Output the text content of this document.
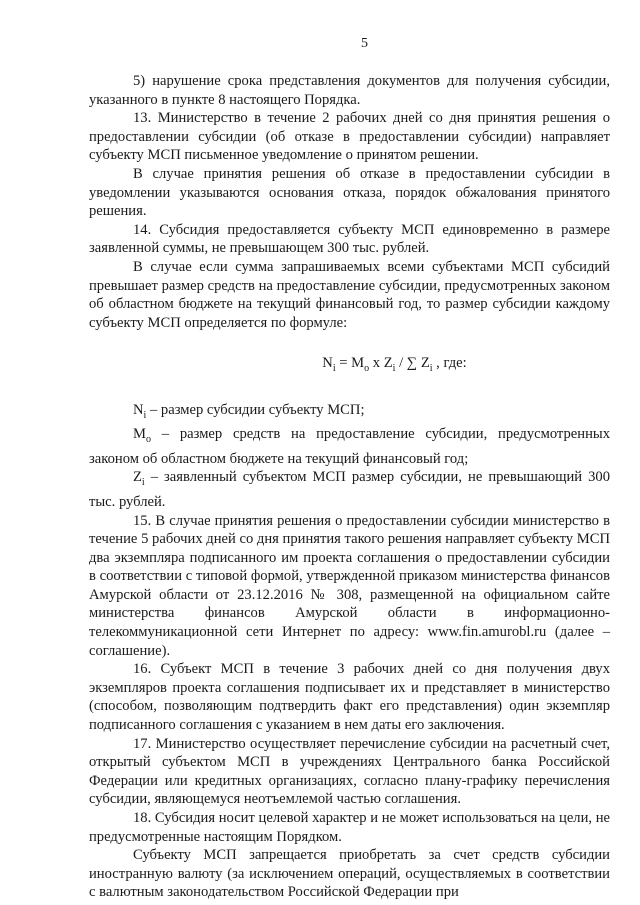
5

5) нарушение срока представления документов для получения субсидии, указанного в пункте 8 настоящего Порядка.

13. Министерство в течение 2 рабочих дней со дня принятия решения о предоставлении субсидии (об отказе в предоставлении субсидии) направляет субъекту МСП письменное уведомление о принятом решении.

В случае принятия решения об отказе в предоставлении субсидии в уведомлении указываются основания отказа, порядок обжалования принятого решения.

14. Субсидия предоставляется субъекту МСП единовременно в размере заявленной суммы, не превышающем 300 тыс. рублей.

В случае если сумма запрашиваемых всеми субъектами МСП субсидий превышает размер средств на предоставление субсидии, предусмотренных законом об областном бюджете на текущий финансовый год, то размер субсидии каждому субъекту МСП определяется по формуле:

$N_i = M_o$ x $Z_i$ / ∑ $Z_i$ , где:

$N_i$ – размер субсидии субъекту МСП;

$M_o$ – размер средств на предоставление субсидии, предусмотренных законом об областном бюджете на текущий финансовый год;

$Z_i$ – заявленный субъектом МСП размер субсидии, не превышающий 300 тыс. рублей.

15. В случае принятия решения о предоставлении субсидии министерство в течение 5 рабочих дней со дня принятия такого решения направляет субъекту МСП два экземпляра подписанного им проекта соглашения о предоставлении субсидии в соответствии с типовой формой, утвержденной приказом министерства финансов Амурской области от 23.12.2016 № 308, размещенной на официальном сайте министерства финансов Амурской области в информационно-телекоммуникационной сети Интернет по адресу: www.fin.amurobl.ru (далее – соглашение).

16. Субъект МСП в течение 3 рабочих дней со дня получения двух экземпляров проекта соглашения подписывает их и представляет в министерство (способом, позволяющим подтвердить факт его представления) один экземпляр подписанного соглашения с указанием в нем даты его заключения.

17. Министерство осуществляет перечисление субсидии на расчетный счет, открытый субъектом МСП в учреждениях Центрального банка Российской Федерации или кредитных организациях, согласно плану-графику перечисления субсидии, являющемуся неотъемлемой частью соглашения.

18. Субсидия носит целевой характер и не может использоваться на цели, не предусмотренные настоящим Порядком.

Субъекту МСП запрещается приобретать за счет средств субсидии иностранную валюту (за исключением операций, осуществляемых в соответствии с валютным законодательством Российской Федерации при
